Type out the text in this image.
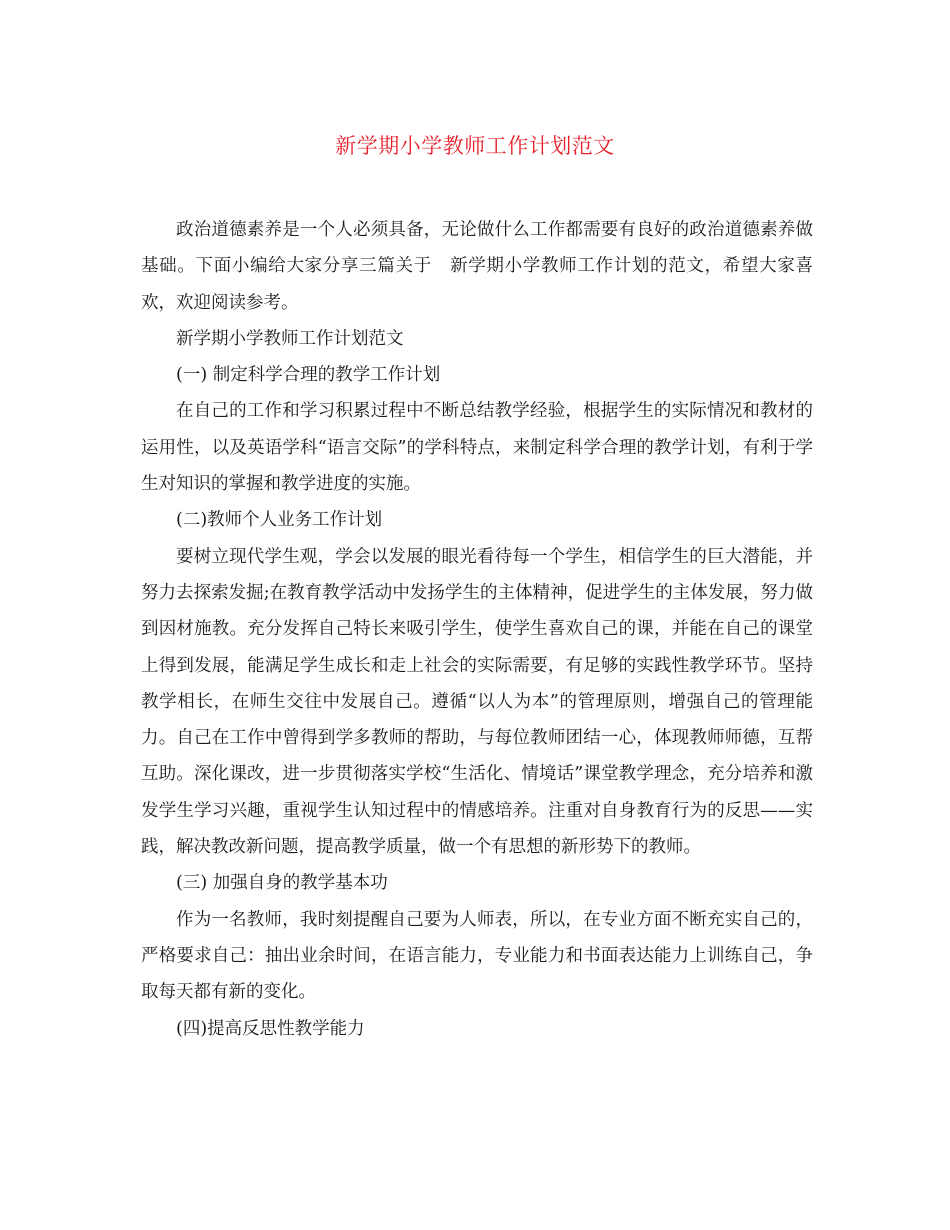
新学期小学教师工作计划范文

政治道德素养是一个人必须具备，无论做什么工作都需要有良好的政治道德素养做基础。下面小编给大家分享三篇关于　新学期小学教师工作计划的范文，希望大家喜欢，欢迎阅读参考。

新学期小学教师工作计划范文

(一) 制定科学合理的教学工作计划

在自己的工作和学习积累过程中不断总结教学经验，根据学生的实际情况和教材的运用性，以及英语学科“语言交际”的学科特点，来制定科学合理的教学计划，有利于学生对知识的掌握和教学进度的实施。

(二)教师个人业务工作计划

要树立现代学生观，学会以发展的眼光看待每一个学生，相信学生的巨大潜能，并努力去探索发掘;在教育教学活动中发扬学生的主体精神，促进学生的主体发展，努力做到因材施教。充分发挥自己特长来吸引学生，使学生喜欢自己的课，并能在自己的课堂上得到发展，能满足学生成长和走上社会的实际需要，有足够的实践性教学环节。坚持教学相长，在师生交往中发展自己。遵循“以人为本”的管理原则，增强自己的管理能力。自己在工作中曾得到学多教师的帮助，与每位教师团结一心，体现教师师德，互帮互助。深化课改，进一步贯彻落实学校“生活化、情境话”课堂教学理念，充分培养和激发学生学习兴趣，重视学生认知过程中的情感培养。注重对自身教育行为的反思——实践，解决教改新问题，提高教学质量，做一个有思想的新形势下的教师。

(三) 加强自身的教学基本功

作为一名教师，我时刻提醒自己要为人师表，所以，在专业方面不断充实自己的，严格要求自己：抽出业余时间，在语言能力，专业能力和书面表达能力上训练自己，争取每天都有新的变化。

(四)提高反思性教学能力
